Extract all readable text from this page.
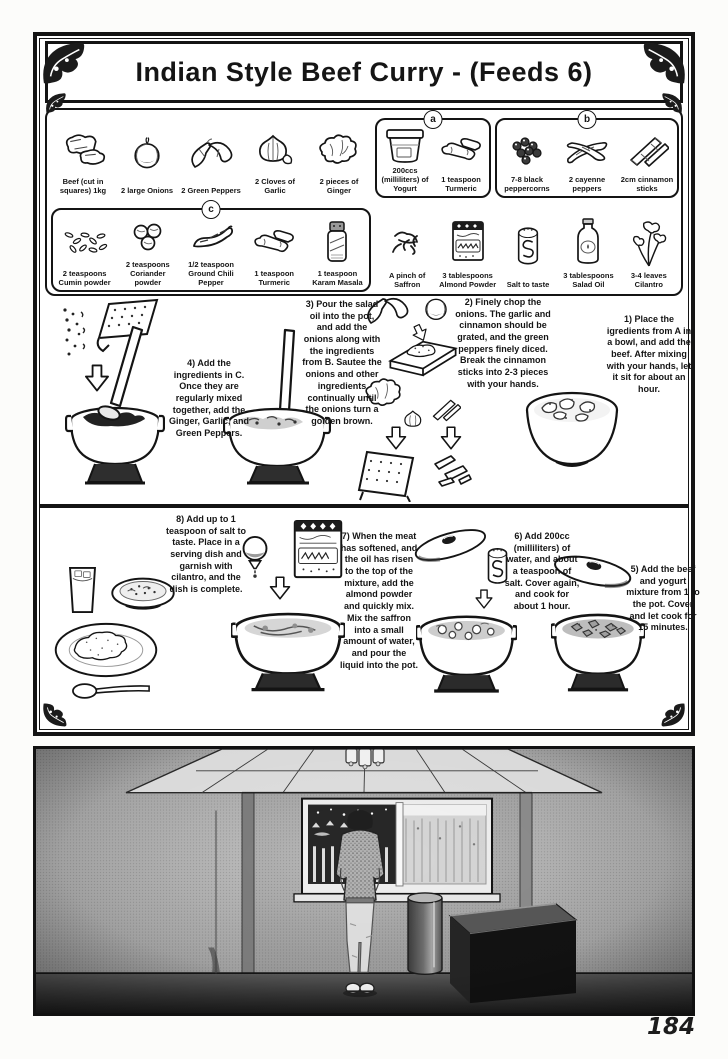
Indian Style Beef Curry - (Feeds 6)
Beef (cut in squares) 1kg	2 large Onions 2 Green Peppers
2 Cloves of Garlic
2 pieces of Ginger
a
200ccs (milliliters) of Yogurt
1 teaspoon Turmeric
b
7-8 black peppercorns
2 cayenne peppers
2cm cinnamon sticks
c
2 teaspoons Cumin powder
2 teaspoons Coriander powder
1/2 teaspoon Ground Chili Pepper
1 teaspoon Turmeric
1 teaspoon Karam Masala
A pinch of Saffron
3 tablespoons Almond Powder Salt to taste
3 tablespoons Salad Oil
3-4 leaves Cilantro
1) Place the igredients from A in a bowl, and add the beef. After mixing with your hands, let it sit for about an hour.
2) Finely chop the onions. The garlic and cinnamon should be grated, and the green peppers finely diced. Break the cinnamon sticks into 2-3 pieces with your hands.
3) Pour the salad oil into the pot, and add the onions along with the ingredients from B. Sautee the onions and other ingredients continually until the onions turn a golden brown.
4) Add the ingredients in C. Once they are regularly mixed together, add the Ginger, Garlic, and Green Peppers.
5) Add the beef and yogurt mixture from 1 to the pot. Cover and let cook for 15 minutes.
6) Add 200cc (milliliters) of water, and about a teaspoon of salt. Cover again, and cook for about 1 hour.
7) When the meat has softened, and the oil has risen to the top of the mixture, add the almond powder and quickly mix. Mix the saffron into a small amount of water, and pour the liquid into the pot.
8) Add up to 1 teaspoon of salt to taste. Place in a serving dish and garnish with cilantro, and the dish is complete.
184
